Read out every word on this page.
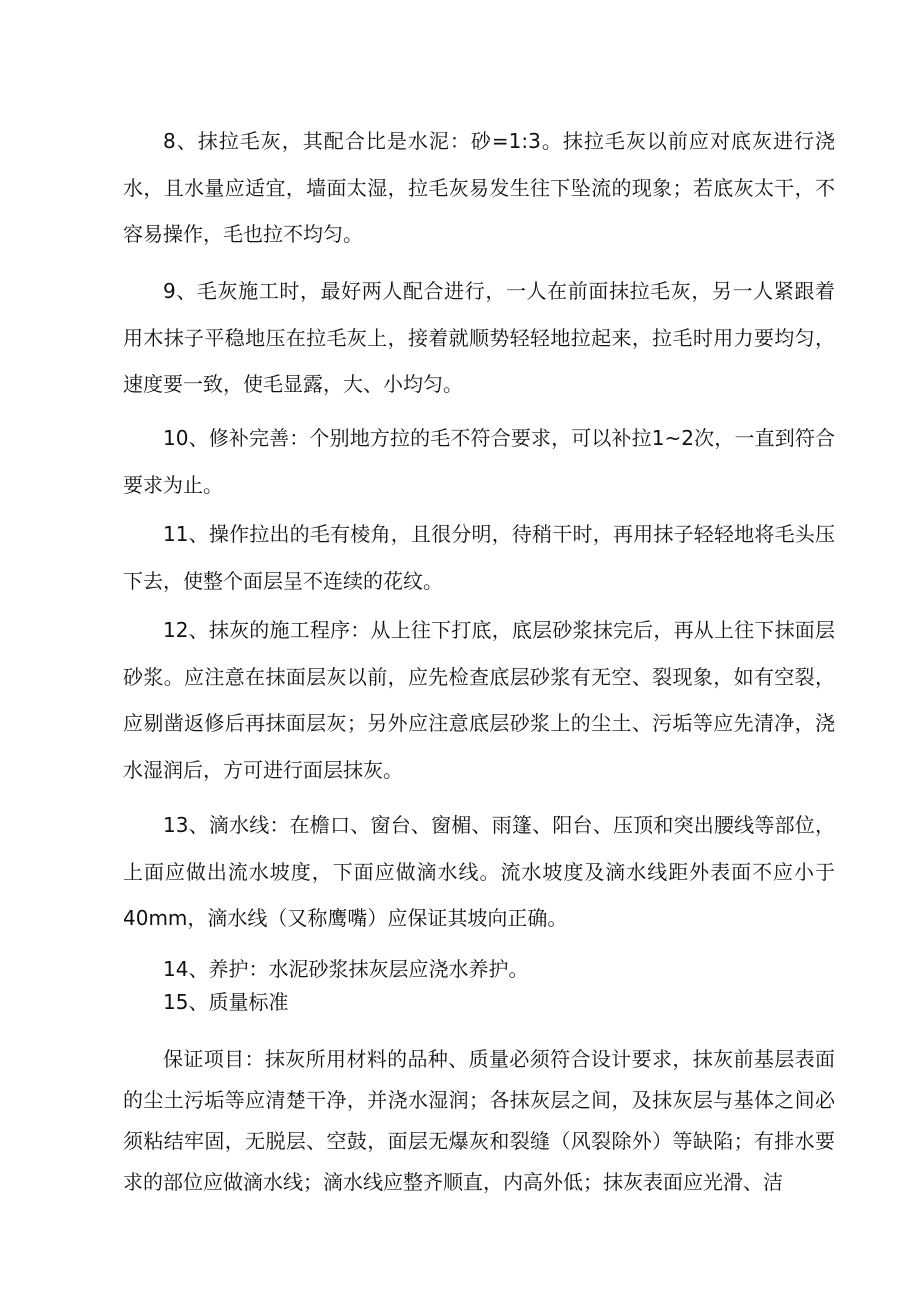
8、抹拉毛灰，其配合比是水泥：砂=1:3。抹拉毛灰以前应对底灰进行浇水，且水量应适宜，墙面太湿，拉毛灰易发生往下坠流的现象；若底灰太干，不容易操作，毛也拉不均匀。

9、毛灰施工时，最好两人配合进行，一人在前面抹拉毛灰，另一人紧跟着用木抹子平稳地压在拉毛灰上，接着就顺势轻轻地拉起来，拉毛时用力要均匀，速度要一致，使毛显露，大、小均匀。

10、修补完善：个别地方拉的毛不符合要求，可以补拉1~2次，一直到符合要求为止。

11、操作拉出的毛有棱角，且很分明，待稍干时，再用抹子轻轻地将毛头压下去，使整个面层呈不连续的花纹。

12、抹灰的施工程序：从上往下打底，底层砂浆抹完后，再从上往下抹面层砂浆。应注意在抹面层灰以前，应先检查底层砂浆有无空、裂现象，如有空裂，应剔凿返修后再抹面层灰；另外应注意底层砂浆上的尘土、污垢等应先清净，浇水湿润后，方可进行面层抹灰。

13、滴水线：在檐口、窗台、窗楣、雨篷、阳台、压顶和突出腰线等部位，上面应做出流水坡度，下面应做滴水线。流水坡度及滴水线距外表面不应小于40mm，滴水线（又称鹰嘴）应保证其坡向正确。

14、养护：水泥砂浆抹灰层应浇水养护。

15、质量标准

保证项目：抹灰所用材料的品种、质量必须符合设计要求，抹灰前基层表面的尘土污垢等应清楚干净，并浇水湿润；各抹灰层之间，及抹灰层与基体之间必须粘结牢固，无脱层、空鼓，面层无爆灰和裂缝（风裂除外）等缺陷；有排水要求的部位应做滴水线；滴水线应整齐顺直，内高外低；抹灰表面应光滑、洁
